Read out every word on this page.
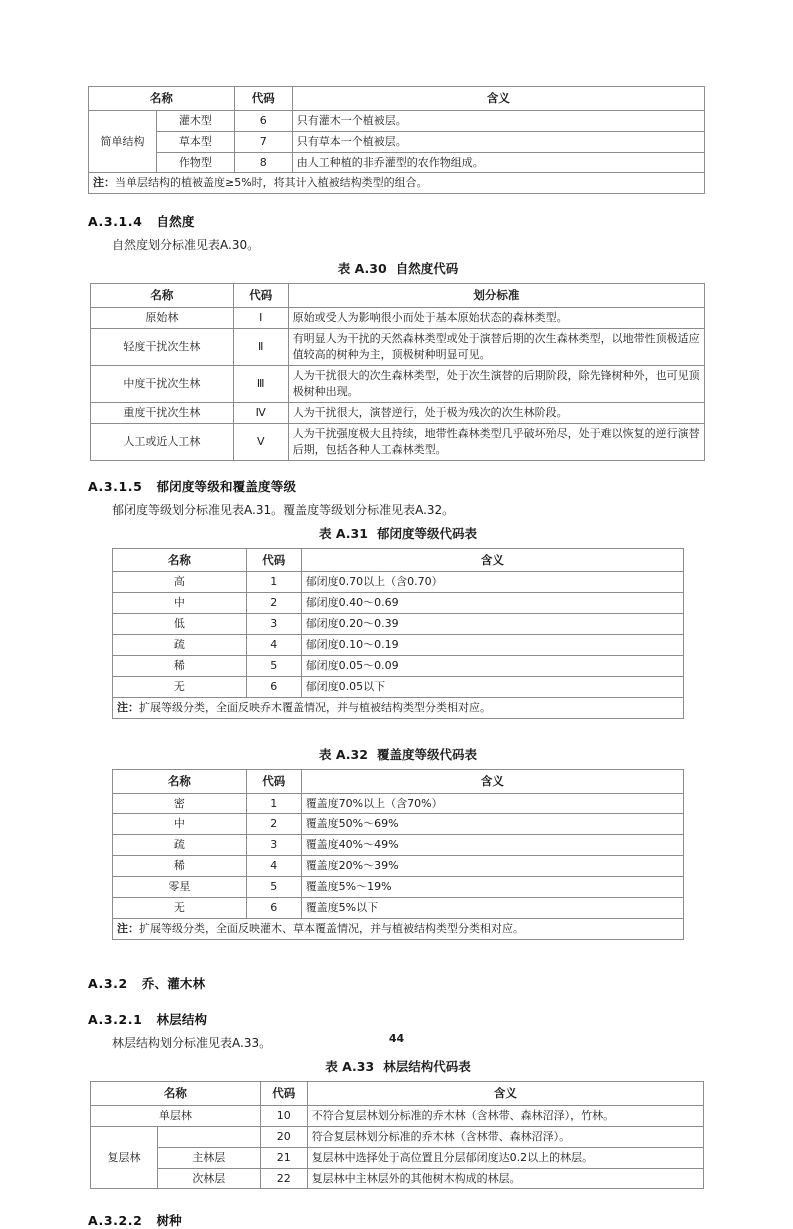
名称		代码	含义
简单结构	灌木型	6	只有灌木一个植被层。
	草本型	7	只有草本一个植被层。
	作物型	8	由人工种植的非乔灌型的农作物组成。
注：当单层结构的植被盖度≥5%时，将其计入植被结构类型的组合。			

A.3.1.4 自然度

自然度划分标准见表A.30。

表 A.30 自然度代码

名称	代码	划分标准
原始林	Ⅰ	原始或受人为影响很小而处于基本原始状态的森林类型。
轻度干扰次生林	Ⅱ	有明显人为干扰的天然森林类型或处于演替后期的次生森林类型，以地带性顶极适应值较高的树种为主，顶极树种明显可见。
中度干扰次生林	Ⅲ	人为干扰很大的次生森林类型，处于次生演替的后期阶段，除先锋树种外，也可见顶极树种出现。
重度干扰次生林	Ⅳ	人为干扰很大，演替逆行，处于极为残次的次生林阶段。
人工或近人工林	Ⅴ	人为干扰强度极大且持续，地带性森林类型几乎破坏殆尽，处于难以恢复的逆行演替后期，包括各种人工森林类型。

A.3.1.5 郁闭度等级和覆盖度等级

郁闭度等级划分标准见表A.31。覆盖度等级划分标准见表A.32。

表 A.31 郁闭度等级代码表

名称	代码	含义
高	1	郁闭度0.70以上（含0.70）
中	2	郁闭度0.40～0.69
低	3	郁闭度0.20～0.39
疏	4	郁闭度0.10～0.19
稀	5	郁闭度0.05～0.09
无	6	郁闭度0.05以下
注：扩展等级分类，全面反映乔木覆盖情况，并与植被结构类型分类相对应。		

表 A.32 覆盖度等级代码表

名称	代码	含义
密	1	覆盖度70%以上（含70%）
中	2	覆盖度50%～69%
疏	3	覆盖度40%～49%
稀	4	覆盖度20%～39%
零星	5	覆盖度5%～19%
无	6	覆盖度5%以下
注：扩展等级分类，全面反映灌木、草本覆盖情况，并与植被结构类型分类相对应。		

A.3.2 乔、灌木林

A.3.2.1 林层结构

林层结构划分标准见表A.33。

表 A.33 林层结构代码表

名称		代码	含义
单层林		10	不符合复层林划分标准的乔木林（含林带、森林沼泽），竹林。
复层林		20	符合复层林划分标准的乔木林（含林带、森林沼泽）。
	主林层	21	复层林中选择处于高位置且分层郁闭度达0.2以上的林层。
	次林层	22	复层林中主林层外的其他树木构成的林层。

A.3.2.2 树种

44
